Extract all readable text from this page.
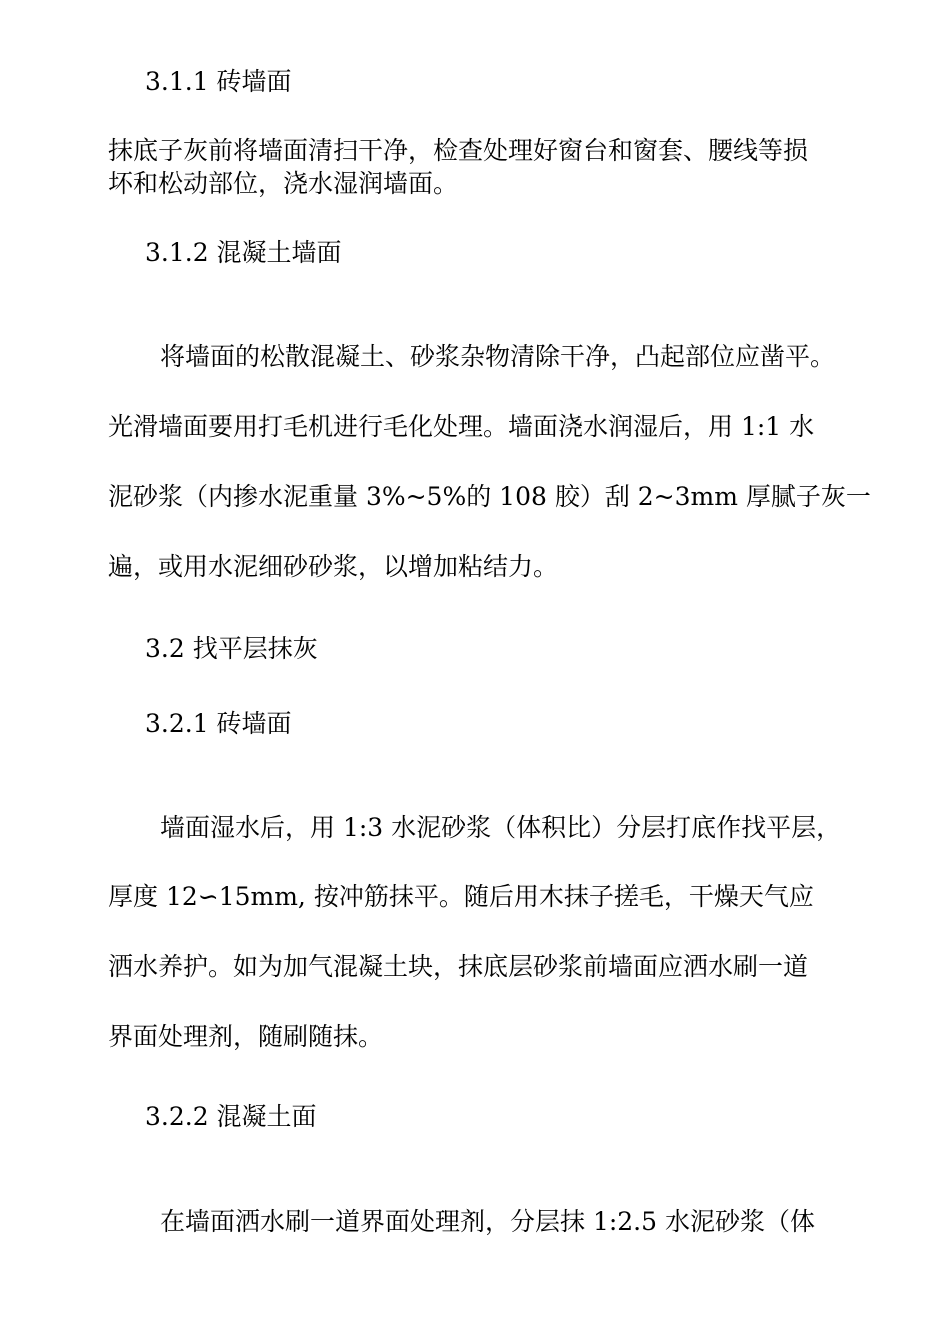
3.1.1 砖墙面

抹底子灰前将墙面清扫干净，检查处理好窗台和窗套、腰线等损

坏和松动部位，浇水湿润墙面。

3.1.2 混凝土墙面

将墙面的松散混凝土、砂浆杂物清除干净，凸起部位应凿平。

光滑墙面要用打毛机进行毛化处理。墙面浇水润湿后，用 1:1 水

泥砂浆（内掺水泥重量 3%~5%的 108 胶）刮 2~3mm 厚腻子灰一

遍，或用水泥细砂砂浆，以增加粘结力。

3.2 找平层抹灰

3.2.1 砖墙面

墙面湿水后，用 1:3 水泥砂浆（体积比）分层打底作找平层，

厚度 12∽15mm, 按冲筋抹平。随后用木抹子搓毛，干燥天气应

洒水养护。如为加气混凝土块，抹底层砂浆前墙面应洒水刷一道

界面处理剂，随刷随抹。

3.2.2 混凝土面

在墙面洒水刷一道界面处理剂，分层抹 1:2.5 水泥砂浆（体
